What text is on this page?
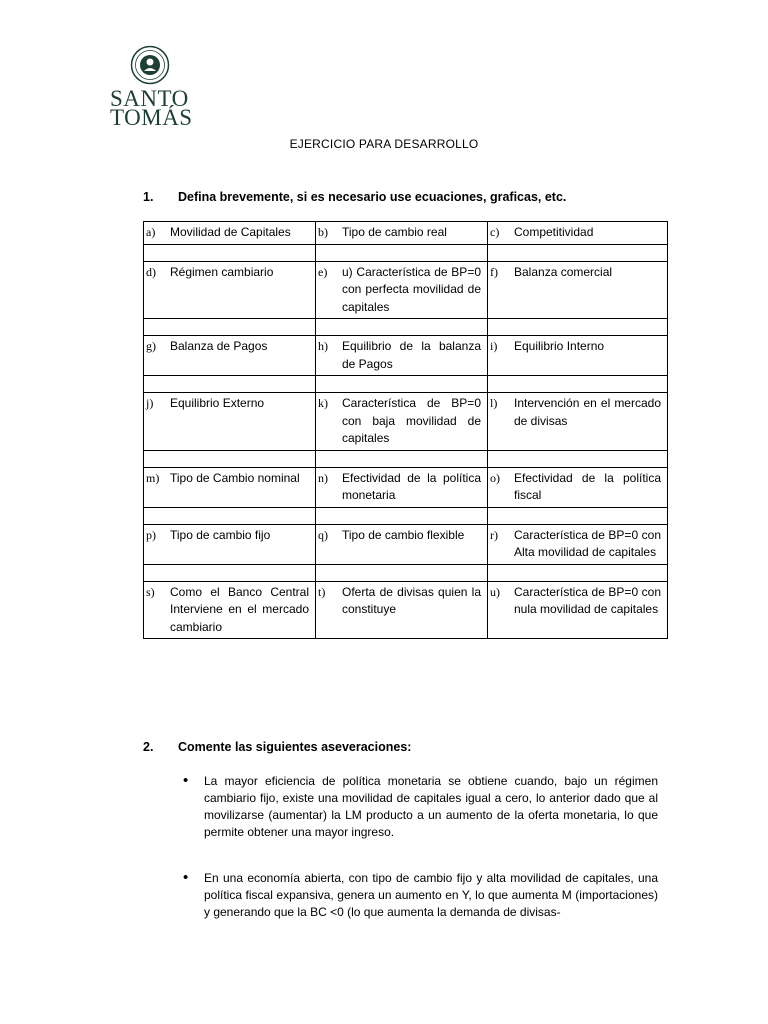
SANTO
TOMÁS
EJERCICIO PARA DESARROLLO
1. Defina brevemente, si es necesario use ecuaciones, graficas, etc.
a) Movilidad de Capitales	b) Tipo de cambio real	c) Competitividad

d) Régimen cambiario	e) u) Característica de BP=0 con perfecta movilidad de capitales	f) Balanza comercial

g) Balanza de Pagos	h) Equilibrio de la balanza de Pagos	i) Equilibrio Interno

j) Equilibrio Externo	k) Característica de BP=0 con baja movilidad de capitales	l) Intervención en el mercado de divisas

m) Tipo de Cambio nominal	n) Efectividad de la política monetaria	o) Efectividad de la política fiscal

p) Tipo de cambio fijo	q) Tipo de cambio flexible	r) Característica de BP=0 con Alta movilidad de capitales

s) Como el Banco Central Interviene en el mercado cambiario	t) Oferta de divisas quien la constituye	u) Característica de BP=0 con nula movilidad de capitales
2. Comente las siguientes aseveraciones:
• La mayor eficiencia de política monetaria se obtiene cuando, bajo un régimen cambiario fijo, existe una movilidad de capitales igual a cero, lo anterior dado que al movilizarse (aumentar) la LM producto a un aumento de la oferta monetaria, lo que permite obtener una mayor ingreso.
• En una economía abierta, con tipo de cambio fijo y alta movilidad de capitales, una política fiscal expansiva, genera un aumento en Y, lo que aumenta M (importaciones) y generando que la BC <0 (lo que aumenta la demanda de divisas-
